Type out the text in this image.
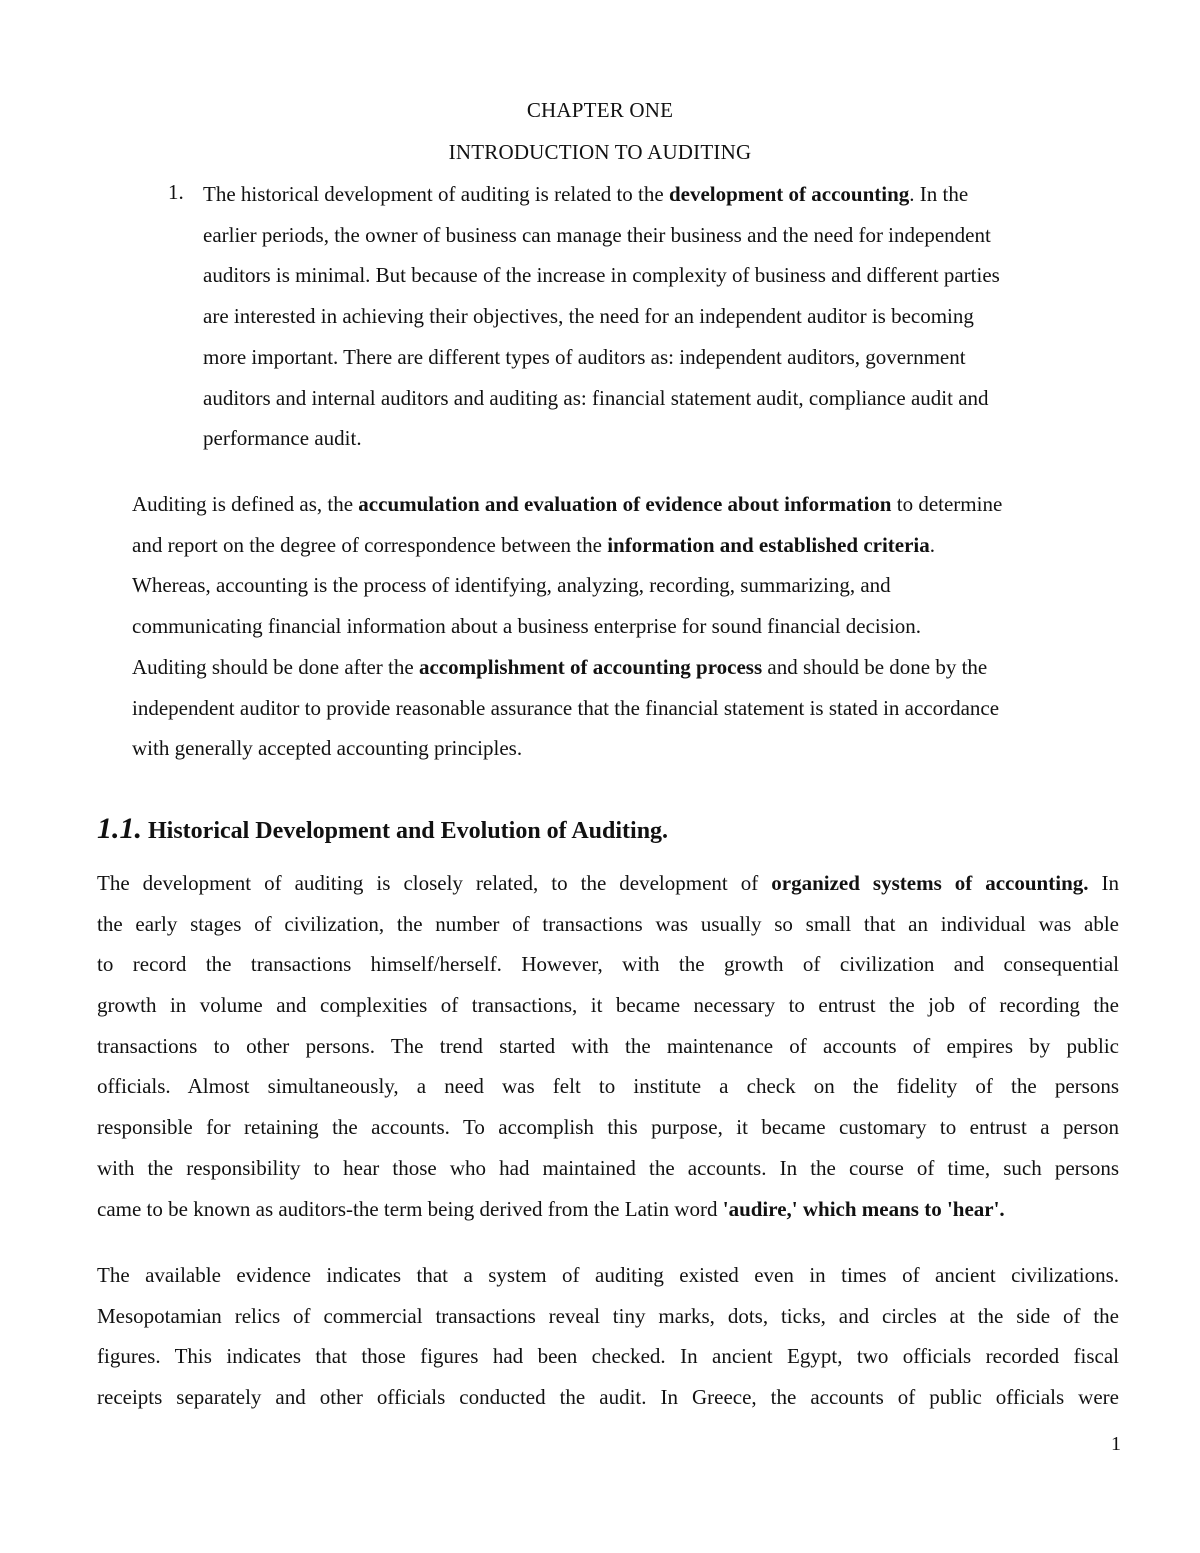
CHAPTER ONE
INTRODUCTION TO AUDITING
1. The historical development of auditing is related to the development of accounting. In the
earlier periods, the owner of business can manage their business and the need for independent
auditors is minimal. But because of the increase in complexity of business and different parties
are interested in achieving their objectives, the need for an independent auditor is becoming
more important. There are different types of auditors as: independent auditors, government
auditors and internal auditors and auditing as: financial statement audit, compliance audit and
performance audit.
Auditing is defined as, the accumulation and evaluation of evidence about information to determine
and report on the degree of correspondence between the information and established criteria.
Whereas, accounting is the process of identifying, analyzing, recording, summarizing, and
communicating financial information about a business enterprise for sound financial decision.
Auditing should be done after the accomplishment of accounting process and should be done by the
independent auditor to provide reasonable assurance that the financial statement is stated in accordance
with generally accepted accounting principles.
1.1. Historical Development and Evolution of Auditing.
The development of auditing is closely related, to the development of organized systems of accounting. In
the early stages of civilization, the number of transactions was usually so small that an individual was able
to record the transactions himself/herself. However, with the growth of civilization and consequential
growth in volume and complexities of transactions, it became necessary to entrust the job of recording the
transactions to other persons. The trend started with the maintenance of accounts of empires by public
officials. Almost simultaneously, a need was felt to institute a check on the fidelity of the persons
responsible for retaining the accounts. To accomplish this purpose, it became customary to entrust a person
with the responsibility to hear those who had maintained the accounts. In the course of time, such persons
came to be known as auditors-the term being derived from the Latin word 'audire,' which means to 'hear'.
The available evidence indicates that a system of auditing existed even in times of ancient civilizations.
Mesopotamian relics of commercial transactions reveal tiny marks, dots, ticks, and circles at the side of the
figures. This indicates that those figures had been checked. In ancient Egypt, two officials recorded fiscal
receipts separately and other officials conducted the audit. In Greece, the accounts of public officials were
1
